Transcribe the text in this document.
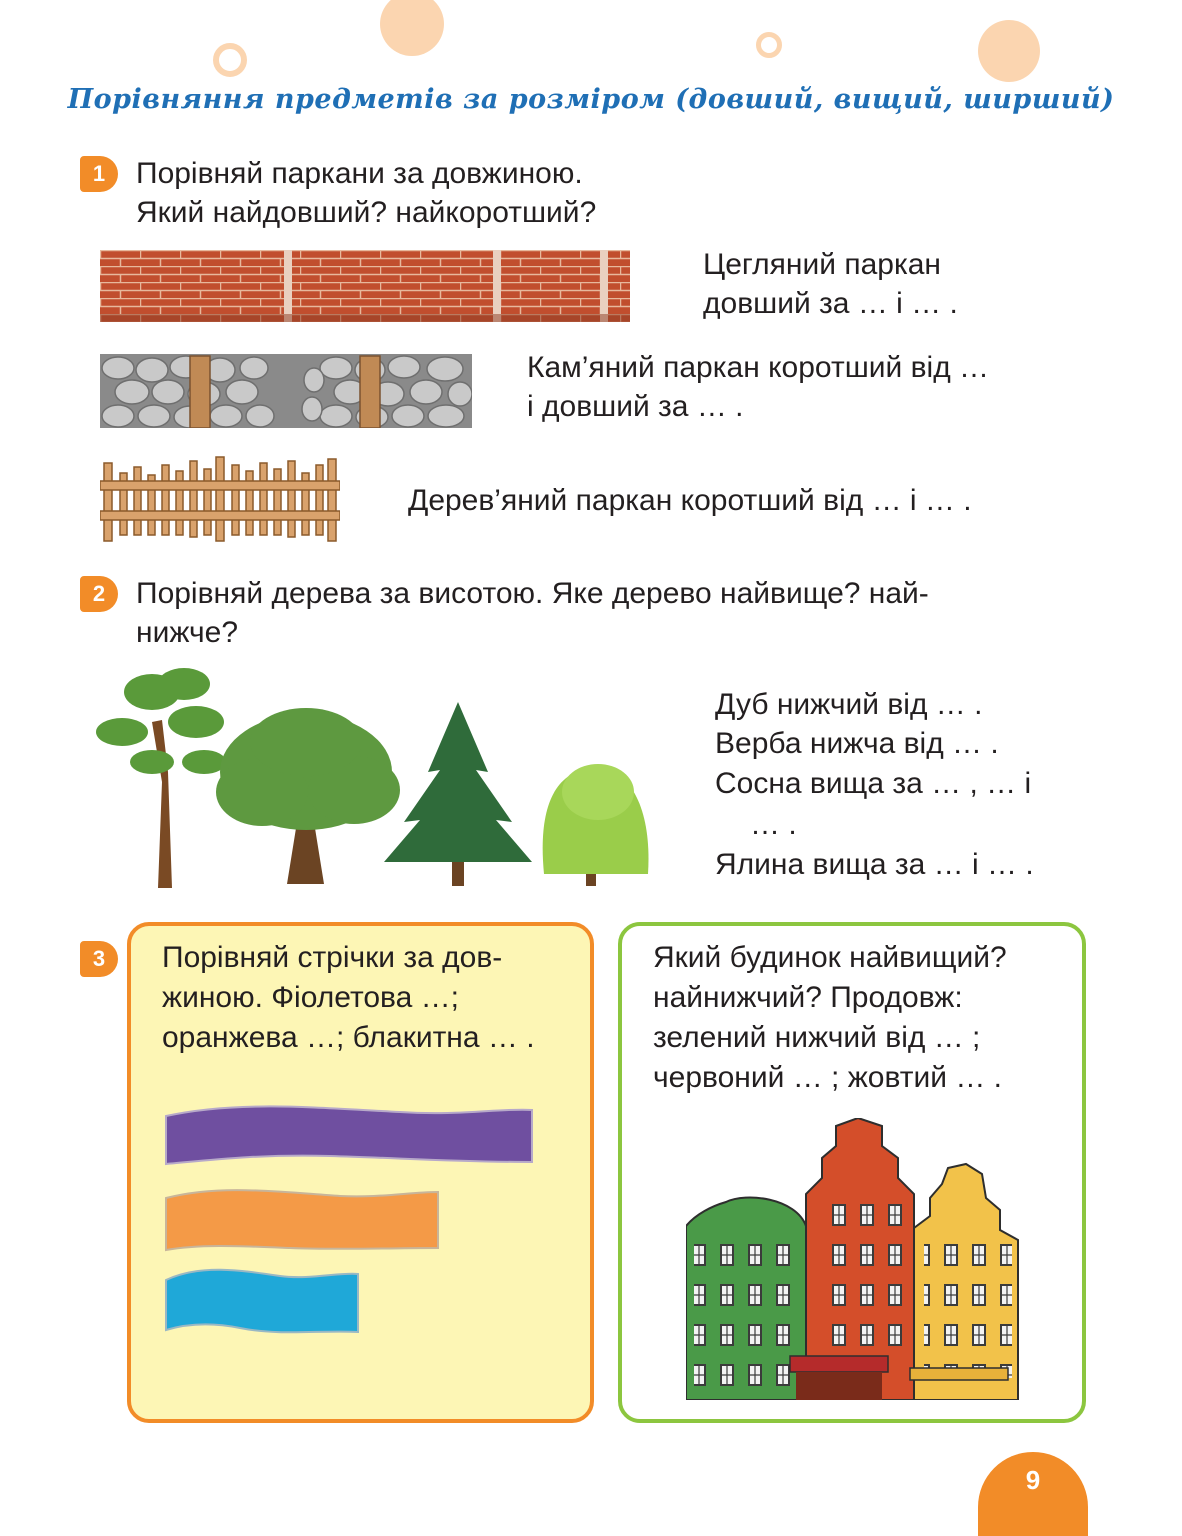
Порівняння предметів за розміром (довший, вищий, ширший)
1	Порівняй паркани за довжиною.
Який найдовший? найкоротший?
Цегляний паркан
довший за … і … .
Кам’яний паркан коротший від …
і довший за … .
Дерев’яний паркан коротший від … і … .
2	Порівняй дерева за висотою. Яке дерево найвище? най-
нижче?
Дуб нижчий від … .
Верба нижча від … .
Сосна вища за … , … і
… .
Ялина вища за … і … .
3	Порівняй стрічки за дов-
жиною. Фіолетова …;
оранжева …; блакитна … .
Який будинок найвищий?
найнижчий? Продовж:
зелений нижчий від … ;
червоний … ; жовтий … .
9
